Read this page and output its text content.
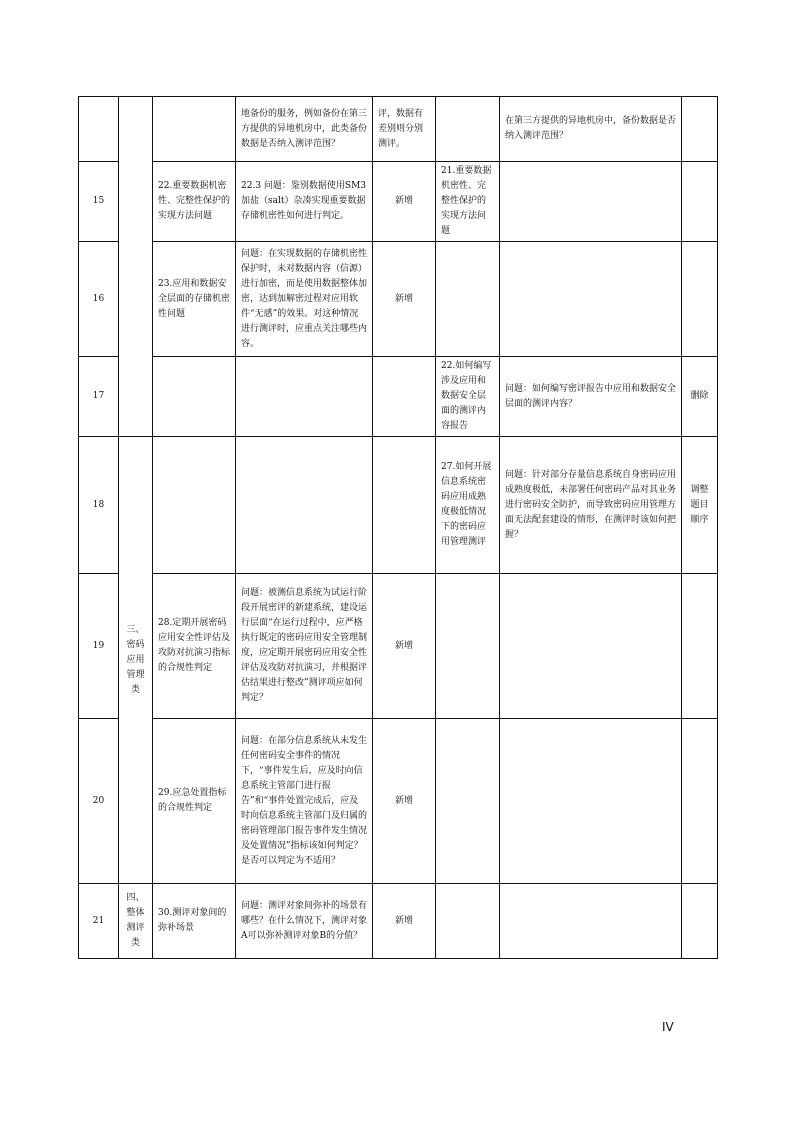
			地备份的服务，例如备份在第三方提供的异地机房中，此类备份数据是否纳入测评范围？	评，数据有差别则分别测评。		在第三方提供的异地机房中，备份数据是否纳入测评范围？	
15		22.重要数据机密性、完整性保护的实现方法问题	22.3 问题：鉴别数据使用SM3加盐（salt）杂凑实现重要数据存储机密性如何进行判定。	新增	21.重要数据机密性、完整性保护的实现方法问题		
16		23.应用和数据安全层面的存储机密性问题	问题：在实现数据的存储机密性保护时，未对数据内容（信源）进行加密，而是使用数据整体加密，达到加解密过程对应用软件“无感”的效果。对这种情况进行测评时，应重点关注哪些内容。	新增			
17					22.如何编写涉及应用和数据安全层面的测评内容报告	问题：如何编写密评报告中应用和数据安全层面的测评内容？	删除
18	三、密码应用管理类				27.如何开展信息系统密码应用成熟度极低情况下的密码应用管理测评	问题：针对部分存量信息系统自身密码应用成熟度极低，未部署任何密码产品对其业务进行密码安全防护，而导致密码应用管理方面无法配套建设的情形，在测评时该如何把握？	调整题目顺序
19		28.定期开展密码应用安全性评估及攻防对抗演习指标的合规性判定	问题：被测信息系统为试运行阶段开展密评的新建系统，建设运行层面“在运行过程中，应严格执行既定的密码应用安全管理制度，应定期开展密码应用安全性评估及攻防对抗演习，并根据评估结果进行整改”测评项应如何判定？	新增			
20		29.应急处置指标的合规性判定	问题：在部分信息系统从未发生任何密码安全事件的情况下，“事件发生后，应及时向信息系统主管部门进行报告”和“事件处置完成后，应及时向信息系统主管部门及归属的密码管理部门报告事件发生情况及处置情况”指标该如何判定？是否可以判定为不适用？	新增			
21	四、整体测评类	30.测评对象间的弥补场景	问题：测评对象间弥补的场景有哪些？在什么情况下，测评对象A可以弥补测评对象B的分值？	新增			
IV
